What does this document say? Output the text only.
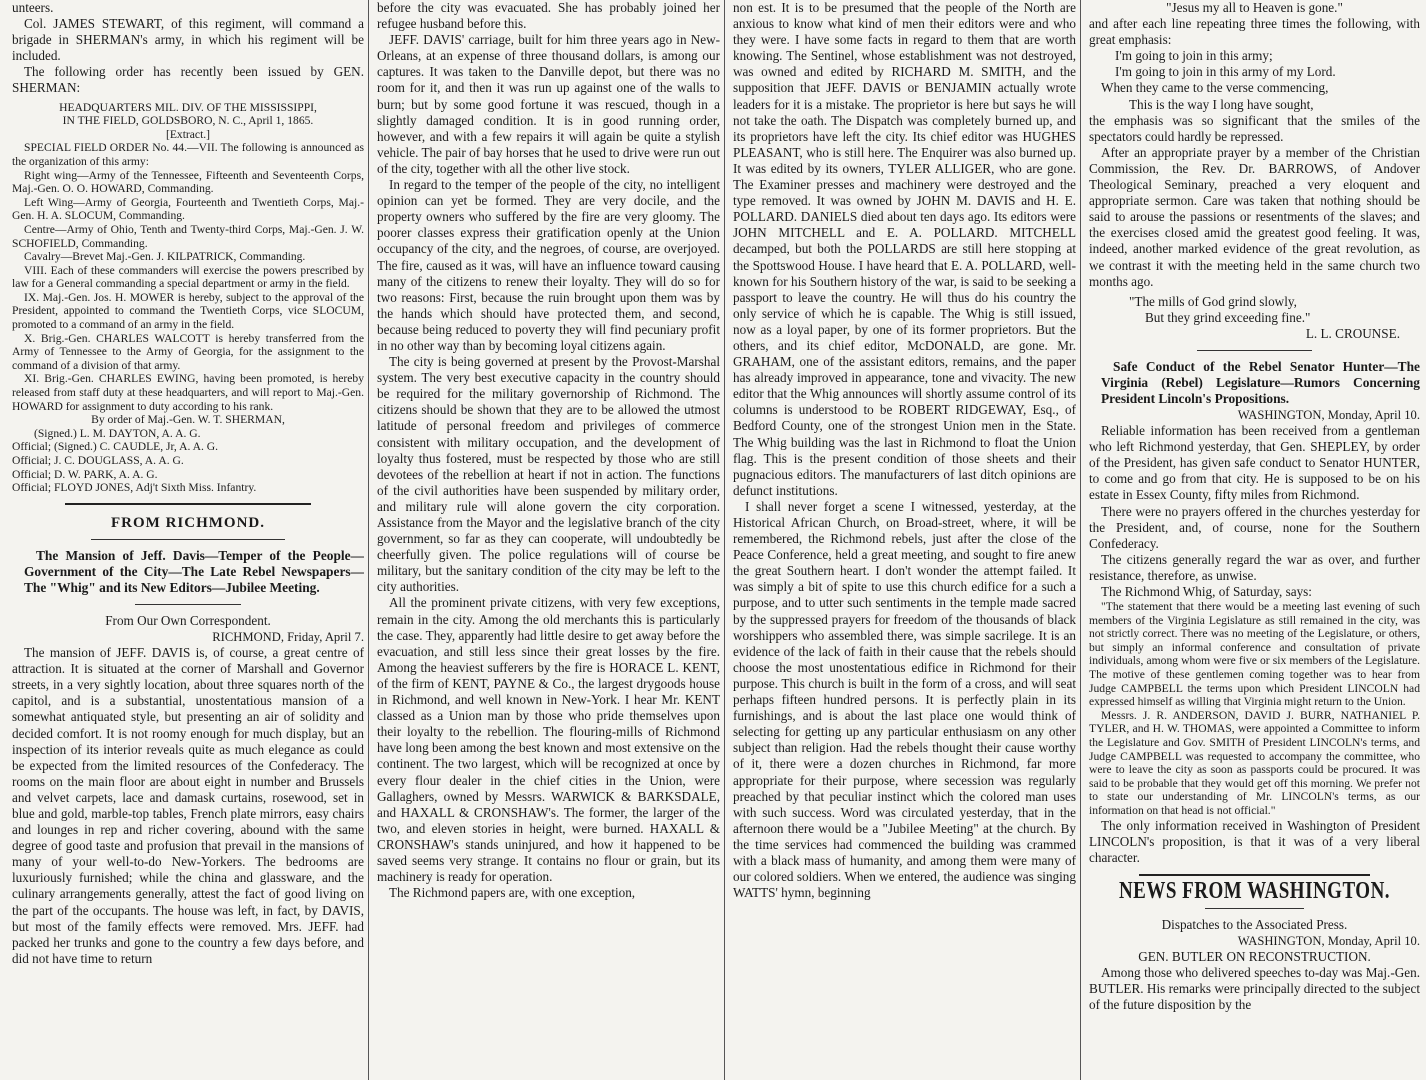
unteers.

Col. JAMES STEWART, of this regiment, will command a brigade in SHERMAN's army, in which his regiment will be included.

The following order has recently been issued by GEN. SHERMAN:

HEADQUARTERS MIL. DIV. OF THE MISSISSIPPI,

IN THE FIELD, GOLDSBORO, N. C., April 1, 1865.

[Extract.]

SPECIAL FIELD ORDER No. 44.—VII. The following is announced as the organization of this army:

Right wing—Army of the Tennessee, Fifteenth and Seventeenth Corps, Maj.-Gen. O. O. HOWARD, Commanding.

Left Wing—Army of Georgia, Fourteenth and Twentieth Corps, Maj.-Gen. H. A. SLOCUM, Commanding.

Centre—Army of Ohio, Tenth and Twenty-third Corps, Maj.-Gen. J. W. SCHOFIELD, Commanding.

Cavalry—Brevet Maj.-Gen. J. KILPATRICK, Commanding.

VIII. Each of these commanders will exercise the powers prescribed by law for a General commanding a special department or army in the field.

IX. Maj.-Gen. Jos. H. MOWER is hereby, subject to the approval of the President, appointed to command the Twentieth Corps, vice SLOCUM, promoted to a command of an army in the field.

X. Brig.-Gen. CHARLES WALCOTT is hereby transferred from the Army of Tennessee to the Army of Georgia, for the assignment to the command of a division of that army.

XI. Brig.-Gen. CHARLES EWING, having been promoted, is hereby released from staff duty at these headquarters, and will report to Maj.-Gen. HOWARD for assignment to duty according to his rank.

By order of Maj.-Gen. W. T. SHERMAN,

(Signed.) L. M. DAYTON, A. A. G.

Official; (Signed.) C. CAUDLE, Jr, A. A. G.

Official; J. C. DOUGLASS, A. A. G.

Official; D. W. PARK, A. A. G.

Official; FLOYD JONES, Adj't Sixth Miss. Infantry.

FROM RICHMOND.

The Mansion of Jeff. Davis—Temper of the People—Government of the City—The Late Rebel Newspapers—The "Whig" and its New Editors—Jubilee Meeting.

From Our Own Correspondent.

RICHMOND, Friday, April 7.

The mansion of JEFF. DAVIS is, of course, a great centre of attraction. It is situated at the corner of Marshall and Governor streets, in a very sightly location, about three squares north of the capitol, and is a substantial, unostentatious mansion of a somewhat antiquated style, but presenting an air of solidity and decided comfort. It is not roomy enough for much display, but an inspection of its interior reveals quite as much elegance as could be expected from the limited resources of the Confederacy. The rooms on the main floor are about eight in number and Brussels and velvet carpets, lace and damask curtains, rosewood, set in blue and gold, marble-top tables, French plate mirrors, easy chairs and lounges in rep and richer covering, abound with the same degree of good taste and profusion that prevail in the mansions of many of your well-to-do New-Yorkers. The bedrooms are luxuriously furnished; while the china and glassware, and the culinary arrangements generally, attest the fact of good living on the part of the occupants. The house was left, in fact, by DAVIS, but most of the family effects were removed. Mrs. JEFF. had packed her trunks and gone to the country a few days before, and did not have time to return

before the city was evacuated. She has probably joined her refugee husband before this.

JEFF. DAVIS' carriage, built for him three years ago in New-Orleans, at an expense of three thousand dollars, is among our captures. It was taken to the Danville depot, but there was no room for it, and then it was run up against one of the walls to burn; but by some good fortune it was rescued, though in a slightly damaged condition. It is in good running order, however, and with a few repairs it will again be quite a stylish vehicle. The pair of bay horses that he used to drive were run out of the city, together with all the other live stock.

In regard to the temper of the people of the city, no intelligent opinion can yet be formed. They are very docile, and the property owners who suffered by the fire are very gloomy. The poorer classes express their gratification openly at the Union occupancy of the city, and the negroes, of course, are overjoyed. The fire, caused as it was, will have an influence toward causing many of the citizens to renew their loyalty. They will do so for two reasons: First, because the ruin brought upon them was by the hands which should have protected them, and second, because being reduced to poverty they will find pecuniary profit in no other way than by becoming loyal citizens again.

The city is being governed at present by the Provost-Marshal system. The very best executive capacity in the country should be required for the military governorship of Richmond. The citizens should be shown that they are to be allowed the utmost latitude of personal freedom and privileges of commerce consistent with military occupation, and the development of loyalty thus fostered, must be respected by those who are still devotees of the rebellion at heart if not in action. The functions of the civil authorities have been suspended by military order, and military rule will alone govern the city corporation. Assistance from the Mayor and the legislative branch of the city government, so far as they can cooperate, will undoubtedly be cheerfully given. The police regulations will of course be military, but the sanitary condition of the city may be left to the city authorities.

All the prominent private citizens, with very few exceptions, remain in the city. Among the old merchants this is particularly the case. They, apparently had little desire to get away before the evacuation, and still less since their great losses by the fire. Among the heaviest sufferers by the fire is HORACE L. KENT, of the firm of KENT, PAYNE & Co., the largest drygoods house in Richmond, and well known in New-York. I hear Mr. KENT classed as a Union man by those who pride themselves upon their loyalty to the rebellion. The flouring-mills of Richmond have long been among the best known and most extensive on the continent. The two largest, which will be recognized at once by every flour dealer in the chief cities in the Union, were Gallaghers, owned by Messrs. WARWICK & BARKSDALE, and HAXALL & CRONSHAW's. The former, the larger of the two, and eleven stories in height, were burned. HAXALL & CRONSHAW's stands uninjured, and how it happened to be saved seems very strange. It contains no flour or grain, but its machinery is ready for operation.

The Richmond papers are, with one exception,

non est. It is to be presumed that the people of the North are anxious to know what kind of men their editors were and who they were. I have some facts in regard to them that are worth knowing. The Sentinel, whose establishment was not destroyed, was owned and edited by RICHARD M. SMITH, and the supposition that JEFF. DAVIS or BENJAMIN actually wrote leaders for it is a mistake. The proprietor is here but says he will not take the oath. The Dispatch was completely burned up, and its proprietors have left the city. Its chief editor was HUGHES PLEASANT, who is still here. The Enquirer was also burned up. It was edited by its owners, TYLER ALLIGER, who are gone. The Examiner presses and machinery were destroyed and the type removed. It was owned by JOHN M. DAVIS and H. E. POLLARD. DANIELS died about ten days ago. Its editors were JOHN MITCHELL and E. A. POLLARD. MITCHELL decamped, but both the POLLARDS are still here stopping at the Spottswood House. I have heard that E. A. POLLARD, well-known for his Southern history of the war, is said to be seeking a passport to leave the country. He will thus do his country the only service of which he is capable. The Whig is still issued, now as a loyal paper, by one of its former proprietors. But the others, and its chief editor, McDONALD, are gone. Mr. GRAHAM, one of the assistant editors, remains, and the paper has already improved in appearance, tone and vivacity. The new editor that the Whig announces will shortly assume control of its columns is understood to be ROBERT RIDGEWAY, Esq., of Bedford County, one of the strongest Union men in the State. The Whig building was the last in Richmond to float the Union flag. This is the present condition of those sheets and their pugnacious editors. The manufacturers of last ditch opinions are defunct institutions.

I shall never forget a scene I witnessed, yesterday, at the Historical African Church, on Broad-street, where, it will be remembered, the Richmond rebels, just after the close of the Peace Conference, held a great meeting, and sought to fire anew the great Southern heart. I don't wonder the attempt failed. It was simply a bit of spite to use this church edifice for a such a purpose, and to utter such sentiments in the temple made sacred by the suppressed prayers for freedom of the thousands of black worshippers who assembled there, was simple sacrilege. It is an evidence of the lack of faith in their cause that the rebels should choose the most unostentatious edifice in Richmond for their purpose. This church is built in the form of a cross, and will seat perhaps fifteen hundred persons. It is perfectly plain in its furnishings, and is about the last place one would think of selecting for getting up any particular enthusiasm on any other subject than religion. Had the rebels thought their cause worthy of it, there were a dozen churches in Richmond, far more appropriate for their purpose, where secession was regularly preached by that peculiar instinct which the colored man uses with such success. Word was circulated yesterday, that in the afternoon there would be a "Jubilee Meeting" at the church. By the time services had commenced the building was crammed with a black mass of humanity, and among them were many of our colored soldiers. When we entered, the audience was singing WATTS' hymn, beginning

"Jesus my all to Heaven is gone."

and after each line repeating three times the following, with great emphasis:

I'm going to join in this army;

I'm going to join in this army of my Lord.

When they came to the verse commencing,

This is the way I long have sought,

the emphasis was so significant that the smiles of the spectators could hardly be repressed.

After an appropriate prayer by a member of the Christian Commission, the Rev. Dr. BARROWS, of Andover Theological Seminary, preached a very eloquent and appropriate sermon. Care was taken that nothing should be said to arouse the passions or resentments of the slaves; and the exercises closed amid the greatest good feeling. It was, indeed, another marked evidence of the great revolution, as we contrast it with the meeting held in the same church two months ago.

"The mills of God grind slowly,

But they grind exceeding fine."

L. L. CROUNSE.

Safe Conduct of the Rebel Senator Hunter—The Virginia (Rebel) Legislature—Rumors Concerning President Lincoln's Propositions.

WASHINGTON, Monday, April 10.

Reliable information has been received from a gentleman who left Richmond yesterday, that Gen. SHEPLEY, by order of the President, has given safe conduct to Senator HUNTER, to come and go from that city. He is supposed to be on his estate in Essex County, fifty miles from Richmond.

There were no prayers offered in the churches yesterday for the President, and, of course, none for the Southern Confederacy.

The citizens generally regard the war as over, and further resistance, therefore, as unwise.

The Richmond Whig, of Saturday, says:

"The statement that there would be a meeting last evening of such members of the Virginia Legislature as still remained in the city, was not strictly correct. There was no meeting of the Legislature, or others, but simply an informal conference and consultation of private individuals, among whom were five or six members of the Legislature. The motive of these gentlemen coming together was to hear from Judge CAMPBELL the terms upon which President LINCOLN had expressed himself as willing that Virginia might return to the Union.

Messrs. J. R. ANDERSON, DAVID J. BURR, NATHANIEL P. TYLER, and H. W. THOMAS, were appointed a Committee to inform the Legislature and Gov. SMITH of President LINCOLN's terms, and Judge CAMPBELL was requested to accompany the committee, who were to leave the city as soon as passports could be procured. It was said to be probable that they would get off this morning. We prefer not to state our understanding of Mr. LINCOLN's terms, as our information on that head is not official."

The only information received in Washington of President LINCOLN's proposition, is that it was of a very liberal character.

NEWS FROM WASHINGTON.

Dispatches to the Associated Press.

WASHINGTON, Monday, April 10.

GEN. BUTLER ON RECONSTRUCTION.

Among those who delivered speeches to-day was Maj.-Gen. BUTLER. His remarks were principally directed to the subject of the future disposition by the
